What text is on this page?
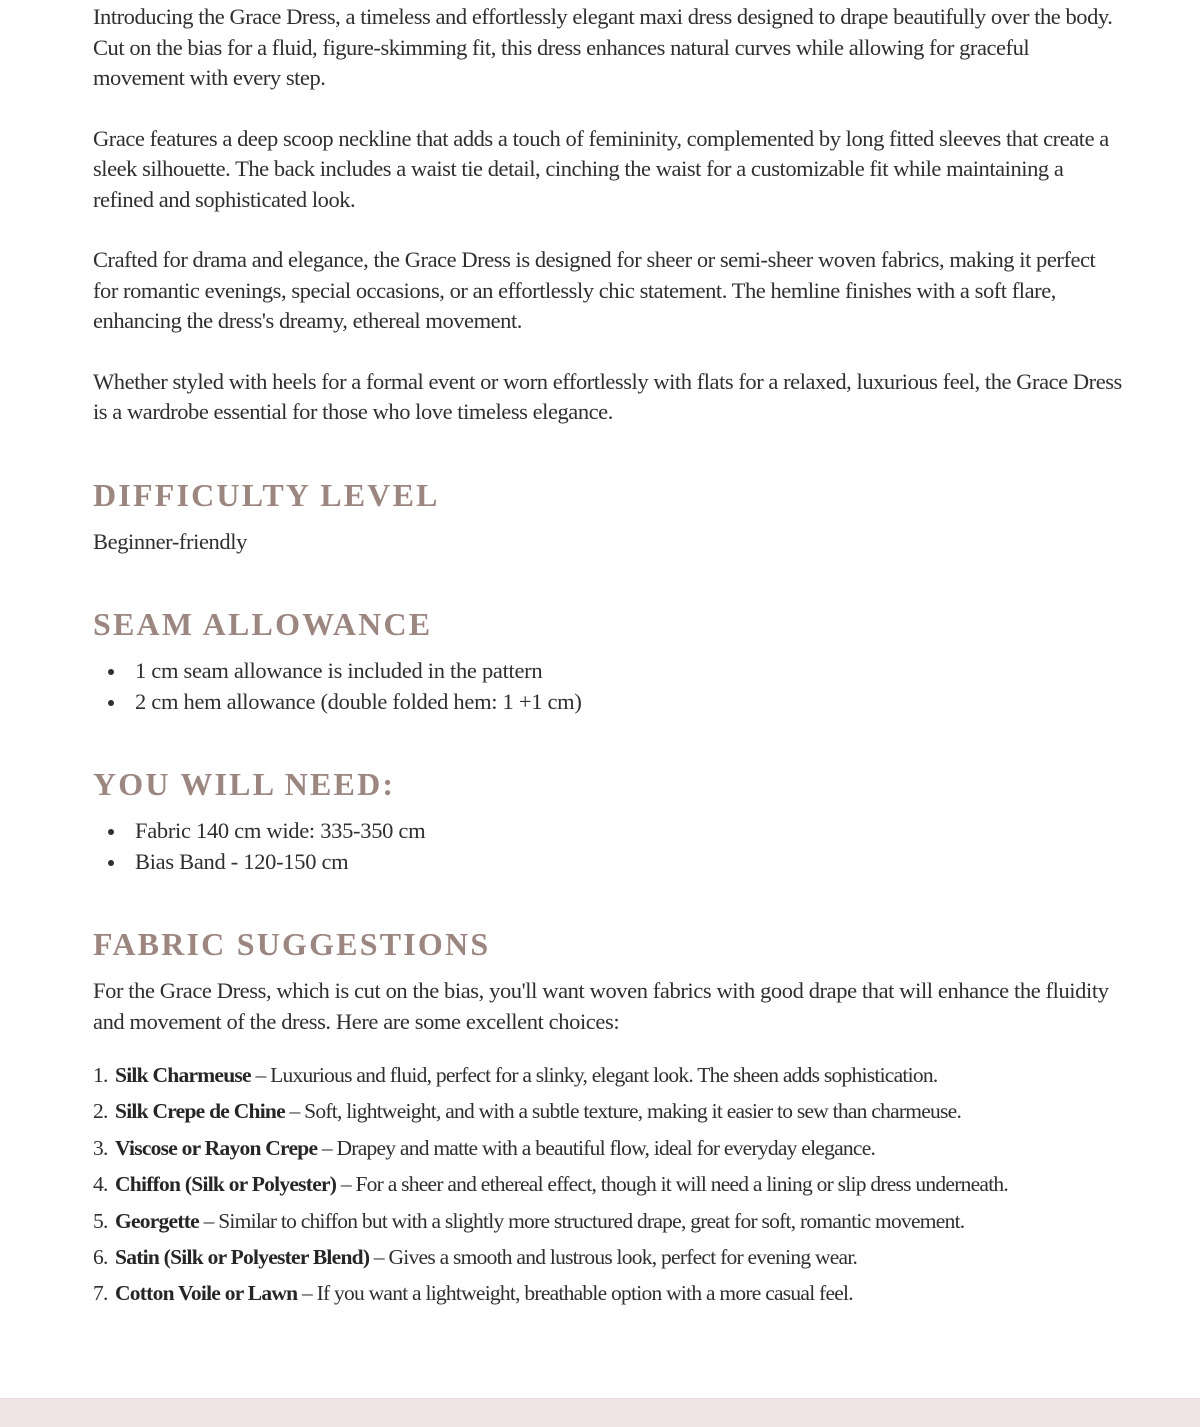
Introducing the Grace Dress, a timeless and effortlessly elegant maxi dress designed to drape beautifully over the body. Cut on the bias for a fluid, figure-skimming fit, this dress enhances natural curves while allowing for graceful movement with every step.

Grace features a deep scoop neckline that adds a touch of femininity, complemented by long fitted sleeves that create a sleek silhouette. The back includes a waist tie detail, cinching the waist for a customizable fit while maintaining a refined and sophisticated look.

Crafted for drama and elegance, the Grace Dress is designed for sheer or semi-sheer woven fabrics, making it perfect for romantic evenings, special occasions, or an effortlessly chic statement. The hemline finishes with a soft flare, enhancing the dress's dreamy, ethereal movement.

Whether styled with heels for a formal event or worn effortlessly with flats for a relaxed, luxurious feel, the Grace Dress is a wardrobe essential for those who love timeless elegance.

DIFFICULTY LEVEL

Beginner-friendly

SEAM ALLOWANCE
1 cm seam allowance is included in the pattern
2 cm hem allowance (double folded hem: 1 +1 cm)
YOU WILL NEED:
Fabric 140 cm wide: 335-350 cm
Bias Band - 120-150 cm
FABRIC SUGGESTIONS

For the Grace Dress, which is cut on the bias, you'll want woven fabrics with good drape that will enhance the fluidity and movement of the dress. Here are some excellent choices:

1. Silk Charmeuse – Luxurious and fluid, perfect for a slinky, elegant look. The sheen adds sophistication.
2. Silk Crepe de Chine – Soft, lightweight, and with a subtle texture, making it easier to sew than charmeuse.
3. Viscose or Rayon Crepe – Drapey and matte with a beautiful flow, ideal for everyday elegance.
4. Chiffon (Silk or Polyester) – For a sheer and ethereal effect, though it will need a lining or slip dress underneath.
5. Georgette – Similar to chiffon but with a slightly more structured drape, great for soft, romantic movement.
6. Satin (Silk or Polyester Blend) – Gives a smooth and lustrous look, perfect for evening wear.
7. Cotton Voile or Lawn – If you want a lightweight, breathable option with a more casual feel.
